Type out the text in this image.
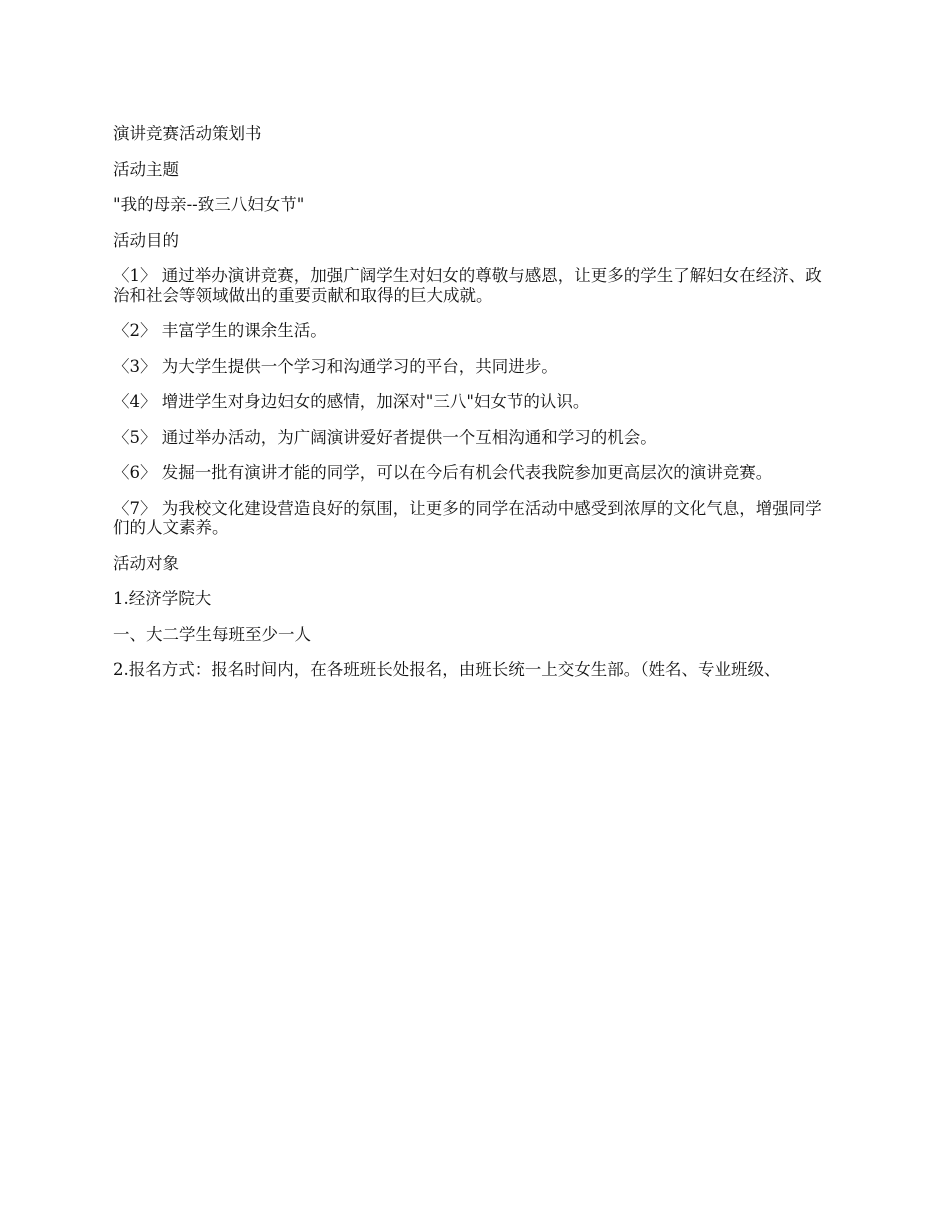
演讲竞赛活动策划书

活动主题

"我的母亲--致三八妇女节"

活动目的

〈1〉 通过举办演讲竞赛，加强广阔学生对妇女的尊敬与感恩，让更多的学生了解妇女在经济、政治和社会等领域做出的重要贡献和取得的巨大成就。

〈2〉 丰富学生的课余生活。

〈3〉 为大学生提供一个学习和沟通学习的平台，共同进步。

〈4〉 增进学生对身边妇女的感情，加深对"三八"妇女节的认识。

〈5〉 通过举办活动，为广阔演讲爱好者提供一个互相沟通和学习的机会。

〈6〉 发掘一批有演讲才能的同学，可以在今后有机会代表我院参加更高层次的演讲竞赛。

〈7〉 为我校文化建设营造良好的氛围，让更多的同学在活动中感受到浓厚的文化气息，增强同学们的人文素养。

活动对象

1.经济学院大

一、大二学生每班至少一人

2.报名方式：报名时间内，在各班班长处报名，由班长统一上交女生部。（姓名、专业班级、
